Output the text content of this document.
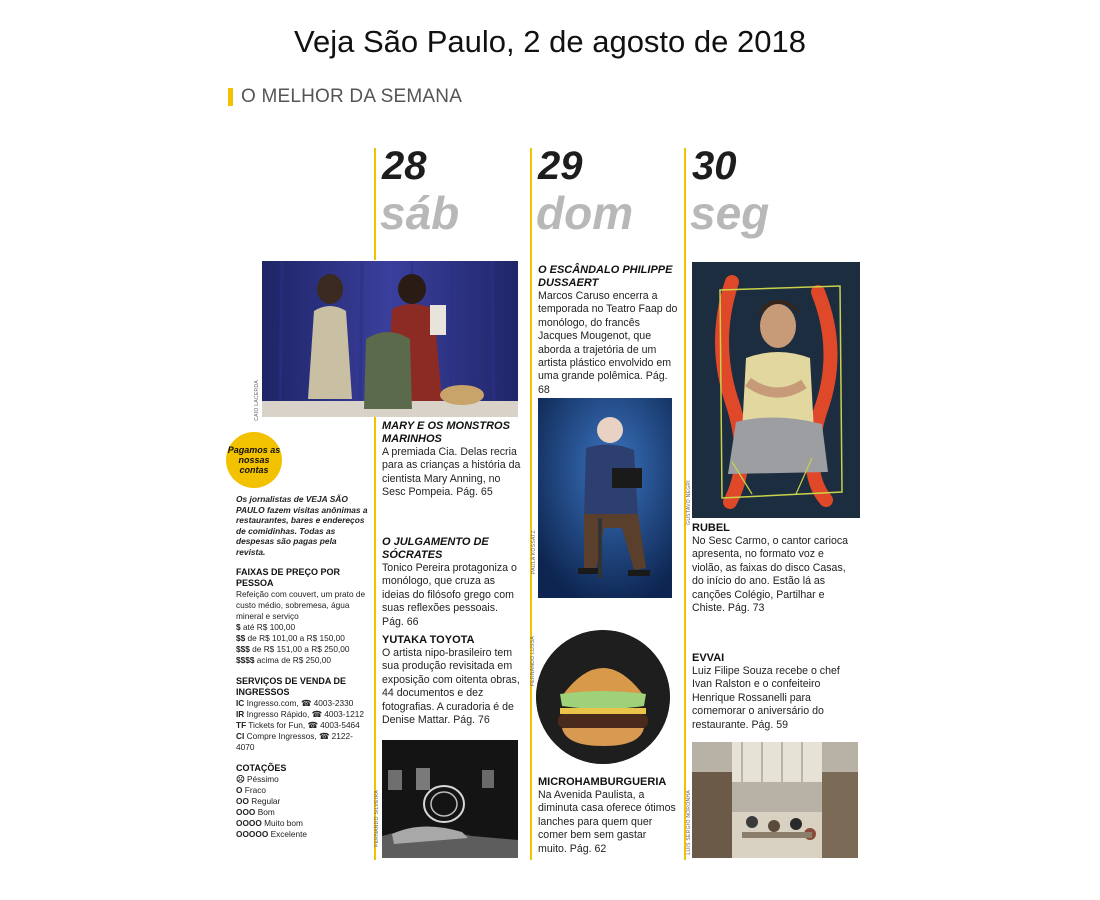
Veja São Paulo, 2 de agosto de 2018
O MELHOR DA SEMANA
28
sáb
29
dom
30
seg
CAIO LACERDA
Pagamos as nossas contas
Os jornalistas de VEJA SÃO PAULO fazem visitas anônimas a restaurantes, bares e endereços de comidinhas. Todas as despesas são pagas pela revista.
FAIXAS DE PREÇO POR PESSOA
Refeição com couvert, um prato de custo médio, sobremesa, água mineral e serviço
$ até R$ 100,00
$$ de R$ 101,00 a R$ 150,00
$$$ de R$ 151,00 a R$ 250,00
$$$$ acima de R$ 250,00
SERVIÇOS DE VENDA DE INGRESSOS
IC Ingresso.com, ☎ 4003-2330
IR Ingresso Rápido, ☎ 4003-1212
TF Tickets for Fun, ☎ 4003-5464
CI Compre Ingressos, ☎ 2122-4070
COTAÇÕES
☹ Péssimo
O Fraco
OO Regular
OOO Bom
OOOO Muito bom
OOOOO Excelente
MARY E OS MONSTROS MARINHOS
A premiada Cia. Delas recria para as crianças a história da cientista Mary Anning, no Sesc Pompeia. Pág. 65
O JULGAMENTO DE SÓCRATES
Tonico Pereira protagoniza o monólogo, que cruza as ideias do filósofo grego com suas reflexões pessoais. Pág. 66
YUTAKA TOYOTA
O artista nipo-brasileiro tem sua produção revisitada em exposição com oitenta obras, 44 documentos e dez fotografias. A curadoria é de Denise Mattar. Pág. 76
FERNANDO SILVEIRA
O ESCÂNDALO PHILIPPE DUSSAERT
Marcos Caruso encerra a temporada no Teatro Faap do monólogo, do francês Jacques Mougenot, que aborda a trajetória de um artista plástico envolvido em uma grande polêmica. Pág. 68
PAULA KOSSATZ
FERNANDO LUSSA
MICROHAMBURGUERIA
Na Avenida Paulista, a diminuta casa oferece ótimos lanches para quem quer comer bem sem gastar muito. Pág. 62
GUSTAVO NEGRI
RUBEL
No Sesc Carmo, o cantor carioca apresenta, no formato voz e violão, as faixas do disco Casas, do início do ano. Estão lá as canções Colégio, Partilhar e Chiste. Pág. 73
EVVAI
Luiz Filipe Souza recebe o chef Ivan Ralston e o confeiteiro Henrique Rossanelli para comemorar o aniversário do restaurante. Pág. 59
LUIS SERGIO NORONHA
